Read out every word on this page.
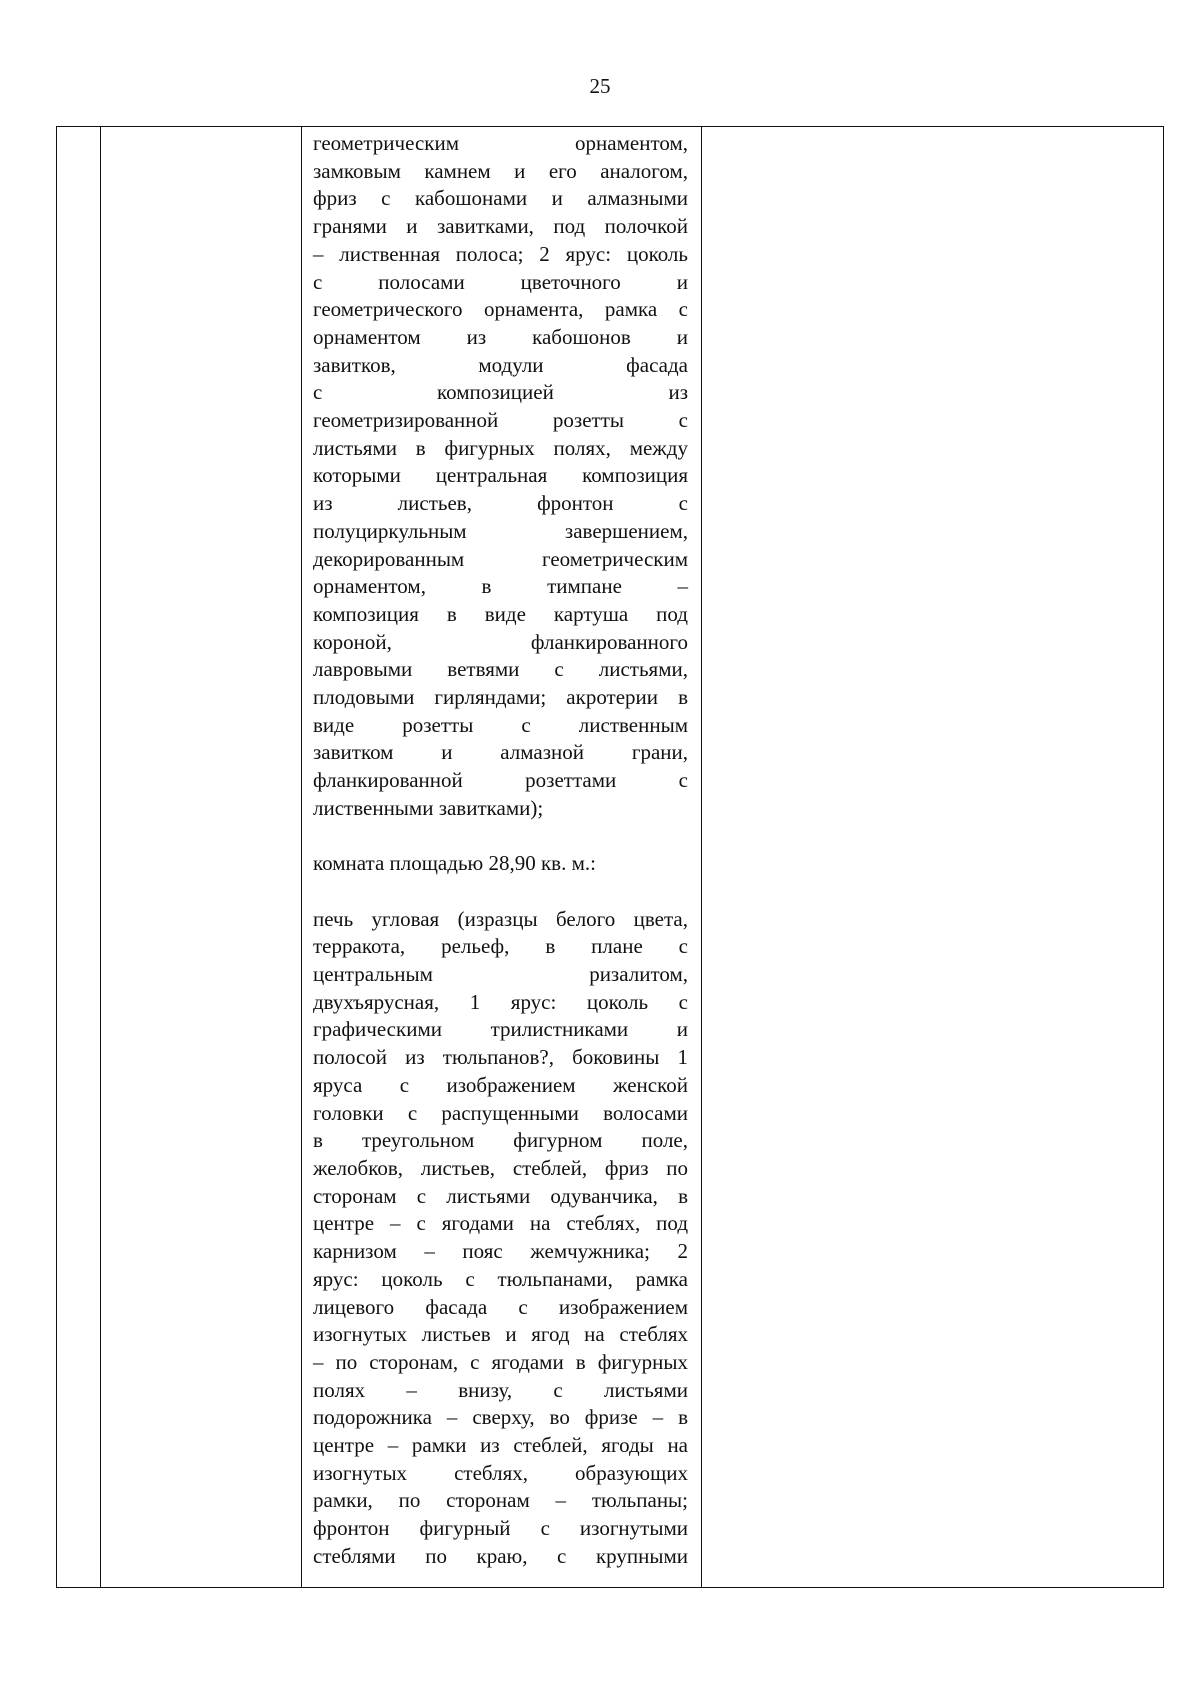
25
геометрическим орнаментом,
замковым камнем и его аналогом,
фриз с кабошонами и алмазными
гранями и завитками, под полочкой
– лиственная полоса; 2 ярус: цоколь
с полосами цветочного и
геометрического орнамента, рамка с
орнаментом из кабошонов и
завитков, модули фасада
с композицией из
геометризированной розетты с
листьями в фигурных полях, между
которыми центральная композиция
из листьев, фронтон с
полуциркульным завершением,
декорированным геометрическим
орнаментом, в тимпане –
композиция в виде картуша под
короной, фланкированного
лавровыми ветвями с листьями,
плодовыми гирляндами; акротерии в
виде розетты с лиственным
завитком и алмазной грани,
фланкированной розеттами с
лиственными завитками);
комната площадью 28,90 кв. м.:
печь угловая (изразцы белого цвета,
терракота, рельеф, в плане с
центральным ризалитом,
двухъярусная, 1 ярус: цоколь с
графическими трилистниками и
полосой из тюльпанов?, боковины 1
яруса с изображением женской
головки с распущенными волосами
в треугольном фигурном поле,
желобков, листьев, стеблей, фриз по
сторонам с листьями одуванчика, в
центре – с ягодами на стеблях, под
карнизом – пояс жемчужника; 2
ярус: цоколь с тюльпанами, рамка
лицевого фасада с изображением
изогнутых листьев и ягод на стеблях
– по сторонам, с ягодами в фигурных
полях – внизу, с листьями
подорожника – сверху, во фризе – в
центре – рамки из стеблей, ягоды на
изогнутых стеблях, образующих
рамки, по сторонам – тюльпаны;
фронтон фигурный с изогнутыми
стеблями по краю, с крупными
